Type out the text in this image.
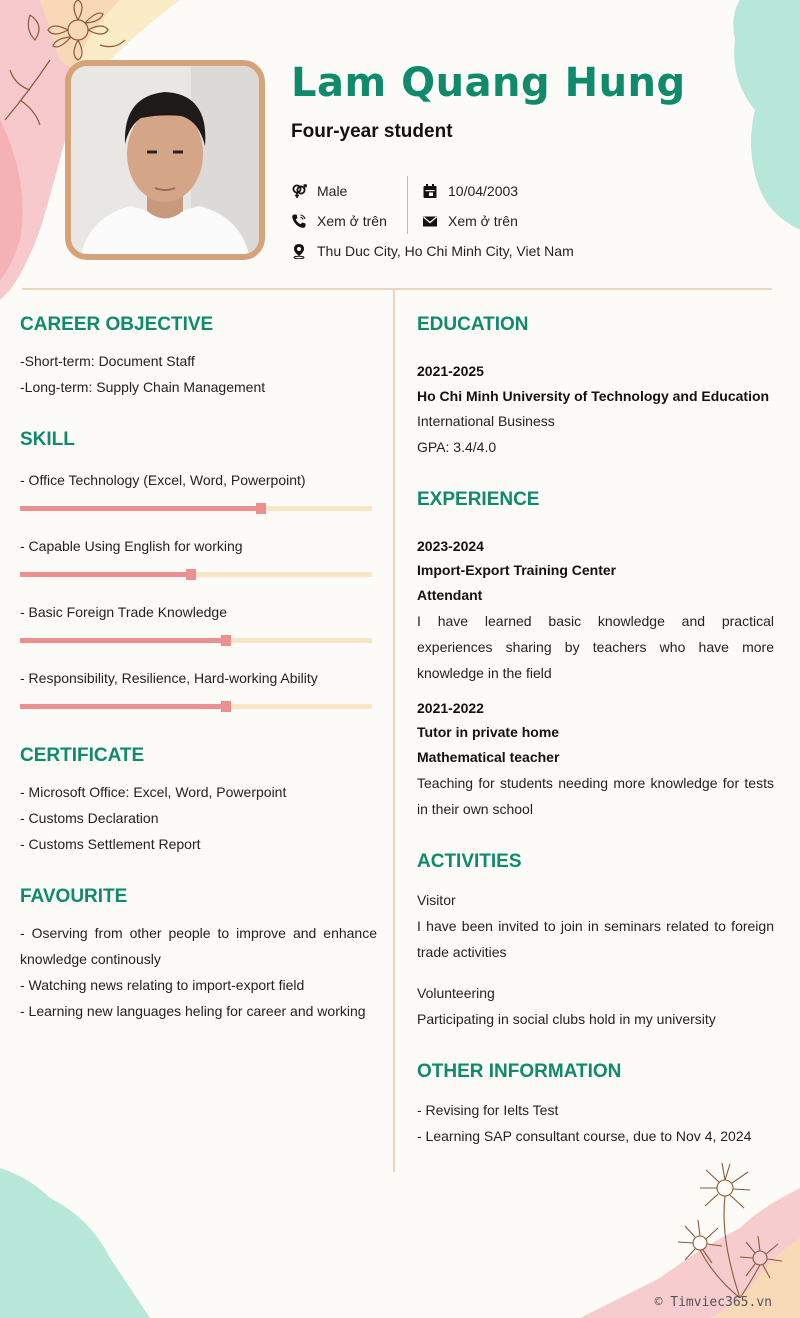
Lam Quang Hung
Four-year student
Male
Xem ở trên
Thu Duc City, Ho Chi Minh City, Viet Nam
10/04/2003
Xem ở trên
CAREER OBJECTIVE

-Short-term: Document Staff

-Long-term: Supply Chain Management

SKILL

- Office Technology (Excel, Word, Powerpoint)

- Capable Using English for working

- Basic Foreign Trade Knowledge

- Responsibility, Resilience, Hard-working Ability

CERTIFICATE

- Microsoft Office: Excel, Word, Powerpoint

- Customs Declaration

- Customs Settlement Report

FAVOURITE

- Oserving from other people to improve and enhance knowledge continously

- Watching news relating to import-export field

- Learning new languages heling for career and working

EDUCATION

2021-2025

Ho Chi Minh University of Technology and Education

International Business

GPA: 3.4/4.0

EXPERIENCE

2023-2024

Import-Export Training Center

Attendant

I have learned basic knowledge and practical experiences sharing by teachers who have more knowledge in the field

2021-2022

Tutor in private home

Mathematical teacher

Teaching for students needing more knowledge for tests in their own school

ACTIVITIES

Visitor

I have been invited to join in seminars related to foreign trade activities

Volunteering

Participating in social clubs hold in my university

OTHER INFORMATION

- Revising for Ielts Test

- Learning SAP consultant course, due to Nov 4, 2024

© Timviec365.vn
